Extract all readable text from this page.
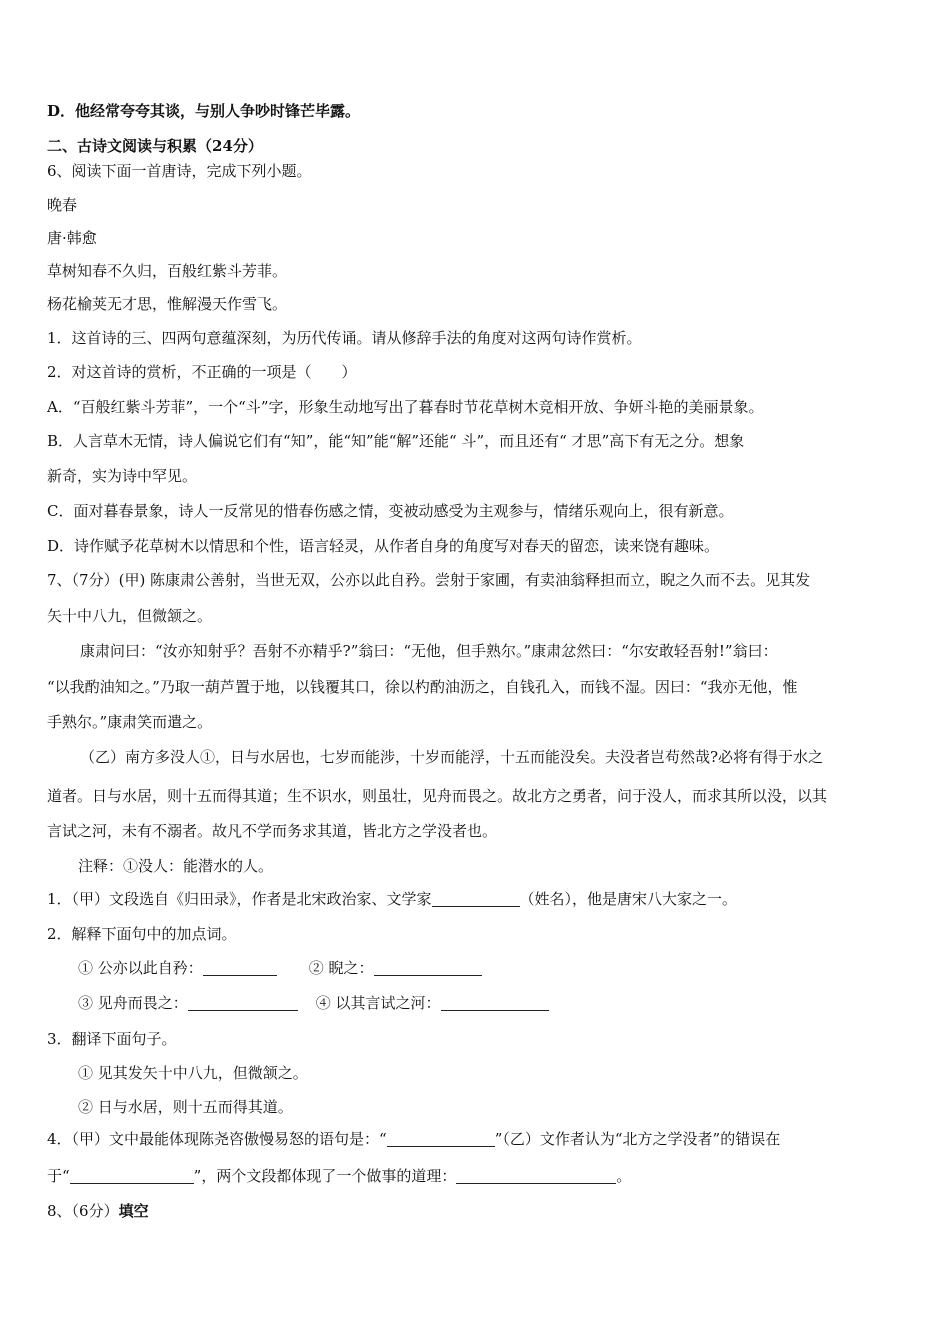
D．他经常夸夸其谈，与别人争吵时锋芒毕露。
二、古诗文阅读与积累（24分）
6、阅读下面一首唐诗，完成下列小题。
晚春
唐·韩愈
草树知春不久归，百般红紫斗芳菲。
杨花榆荚无才思，惟解漫天作雪飞。
1．这首诗的三、四两句意蕴深刻，为历代传诵。请从修辞手法的角度对这两句诗作赏析。
2．对这首诗的赏析，不正确的一项是（　　）
A．“百般红紫斗芳菲”，一个“斗”字，形象生动地写出了暮春时节花草树木竞相开放、争妍斗艳的美丽景象。
B．人言草木无情，诗人偏说它们有“知”，能“知”能“解”还能“ 斗”，而且还有“ 才思”高下有无之分。想象
新奇，实为诗中罕见。
C．面对暮春景象，诗人一反常见的惜春伤感之情，变被动感受为主观参与，情绪乐观向上，很有新意。
D．诗作赋予花草树木以情思和个性，语言轻灵，从作者自身的角度写对春天的留恋，读来饶有趣味。
7、（7分）(甲) 陈康肃公善射，当世无双，公亦以此自矜。尝射于家圃，有卖油翁释担而立，睨之久而不去。见其发
矢十中八九，但微颔之。
康肃问曰：“汝亦知射乎？吾射不亦精乎?”翁曰：“无他，但手熟尔。”康肃忿然曰：“尔安敢轻吾射!”翁曰：
“以我酌油知之。”乃取一葫芦置于地，以钱覆其口，徐以杓酌油沥之，自钱孔入，而钱不湿。因曰：“我亦无他，惟
手熟尔。”康肃笑而遣之。
（乙）南方多没人①，日与水居也，七岁而能涉，十岁而能浮，十五而能没矣。夫没者岂苟然哉?必将有得于水之
道者。日与水居，则十五而得其道；生不识水，则虽壮，见舟而畏之。故北方之勇者，问于没人，而求其所以没，以其
言试之河，未有不溺者。故凡不学而务求其道，皆北方之学没者也。
注释：①没人：能潜水的人。
1．（甲）文段选自《归田录》，作者是北宋政治家、文学家	（姓名），他是唐宋八大家之一。
2．解释下面句中的加点词。
① 公亦以此自矜：	② 睨之：
③ 见舟而畏之：	④ 以其言试之河：
3．翻译下面句子。
① 见其发矢十中八九，但微颔之。
② 日与水居，则十五而得其道。
4．（甲）文中最能体现陈尧咨傲慢易怒的语句是：“	”（乙）文作者认为“北方之学没者”的错误在
于“	”，两个文段都体现了一个做事的道理：	。
8、（6分）填空
